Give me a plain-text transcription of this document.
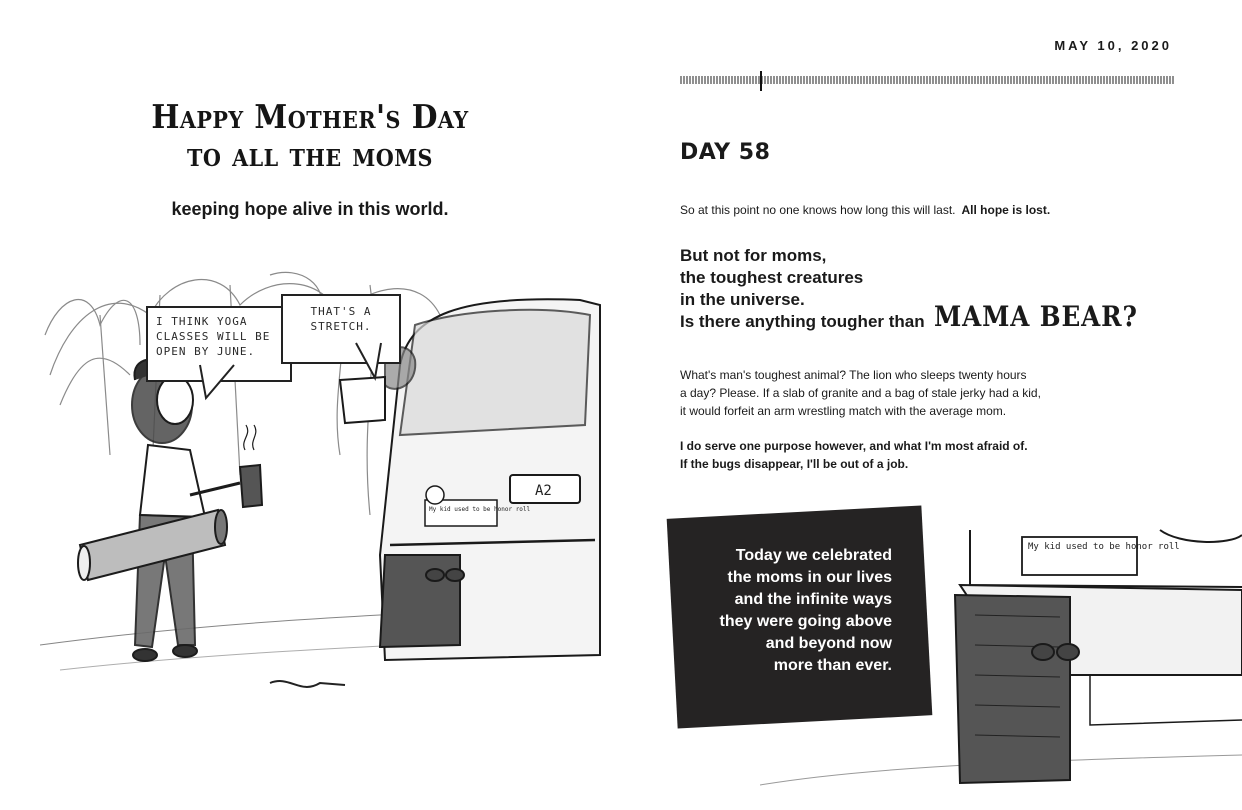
Happy Mother's Day
to all the moms
keeping hope alive in this world.
My kid used to be honor roll
A2
I THINK YOGA CLASSES WILL BE OPEN BY JUNE.
THAT'S A STRETCH.
MAY 10, 2020
DAY 58
So at this point no one knows how long this will last. All hope is lost.
But not for moms,
the toughest creatures
in the universe.
Is there anything tougher than MAMA BEAR?
What's man's toughest animal? The lion who sleeps twenty hours
a day? Please. If a slab of granite and a bag of stale jerky had a kid,
it would forfeit an arm wrestling match with the average mom.
I do serve one purpose however, and what I'm most afraid of.
If the bugs disappear, I'll be out of a job.
My kid used to be honor roll
Today we celebrated
the moms in our lives
and the infinite ways
they were going above
and beyond now
more than ever.
